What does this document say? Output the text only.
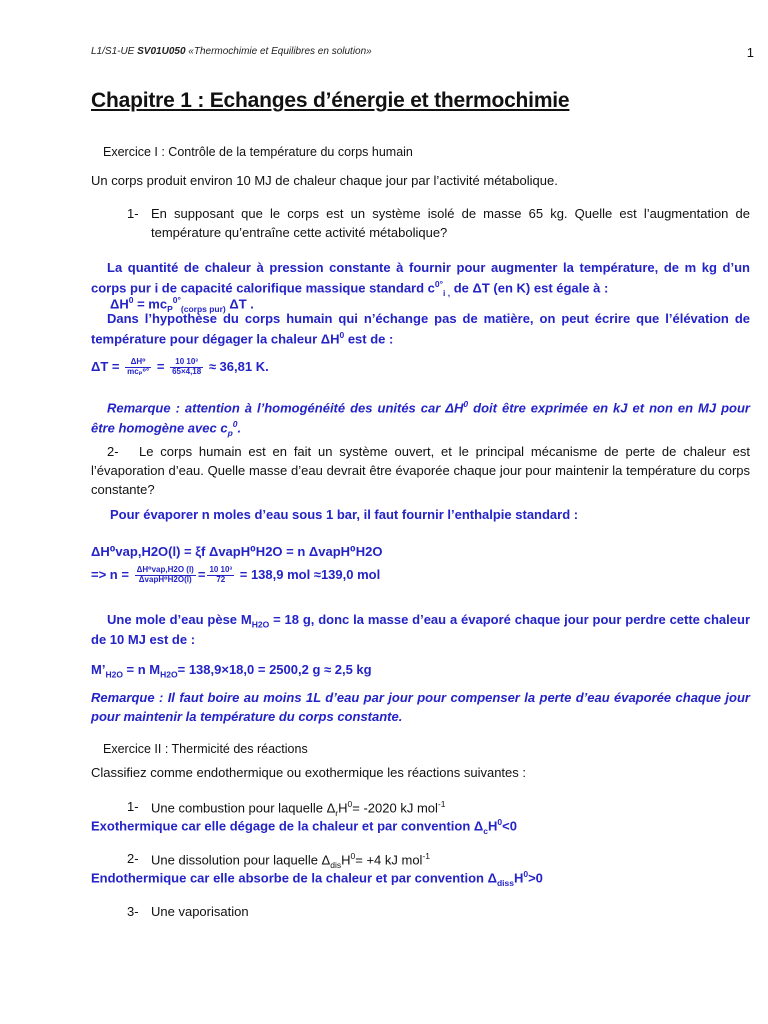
L1/S1-UE SV01U050 «Thermochimie et Equilibres en solution»	1
Chapitre 1 : Echanges d’énergie et thermochimie
Exercice I : Contrôle de la température du corps humain
Un corps produit environ 10 MJ de chaleur chaque jour par l’activité métabolique.
1- En supposant que le corps est un système isolé de masse 65 kg. Quelle est l’augmentation de température qu’entraîne cette activité métabolique?
La quantité de chaleur à pression constante à fournir pour augmenter la température, de m kg d’un corps pur i de capacité calorifique massique standard $c^{0^\circ}_{i ,}$ de ΔT (en K) est égale à :
$\Delta H^0 = mc_P^{0^\circ}_{(corps pur)}$ ΔT .
Dans l’hypothèse du corps humain qui n’échange pas de matière, on peut écrire que l’élévation de température pour dégager la chaleur $\Delta H^0$ est de :
$\Delta T = \frac{\text{ΔH⁰}}{\text{mcₚ⁰°}} = \frac{\text{10 10³}}{65\times 4,18} \approx 36,81$ K.
Remarque : attention à l’homogénéité des unités car $\Delta H^0$ doit être exprimée en kJ et non en MJ pour être homogène avec $c_p^0$.
2- Le corps humain est en fait un système ouvert, et le principal mécanisme de perte de chaleur est l’évaporation d’eau. Quelle masse d’eau devrait être évaporée chaque jour pour maintenir la température du corps constante?
Pour évaporer n moles d’eau sous 1 bar, il faut fournir l’enthalpie standard :
ΔH⁰vap,H2O(l) = ξf ΔvapH⁰H2O = n ΔvapH⁰H2O
=> $n = \frac{\text{ΔH⁰vap,H2O (l)}}{\text{ΔvapH⁰H2O(l)}} = \frac{\text{10 10³}}{72} = 138,9$ mol ≈139,0 mol
Une mole d’eau pèse $M_{H2O} = 18$ g, donc la masse d’eau a évaporé chaque jour pour perdre cette chaleur de 10 MJ est de :
$M’_{H2O} = n$ $M_{H2O}= 138,9\times 18,0 = 2500,2$ g ≈ 2,5 kg
Remarque : Il faut boire au moins 1L d’eau par jour pour compenser la perte d’eau évaporée chaque jour pour maintenir la température du corps constante.
Exercice II : Thermicité des réactions
Classifiez comme endothermique ou exothermique les réactions suivantes :
1- Une combustion pour laquelle $\Delta_rH^0= -2020$ kJ mol$^{-1}$
Exothermique car elle dégage de la chaleur et par convention $\Delta_cH^0<0$
2- Une dissolution pour laquelle $\Delta_{dis}H^0= +4$ kJ mol$^{-1}$
Endothermique car elle absorbe de la chaleur et par convention $\Delta_{diss}H^0>0$
3- Une vaporisation
